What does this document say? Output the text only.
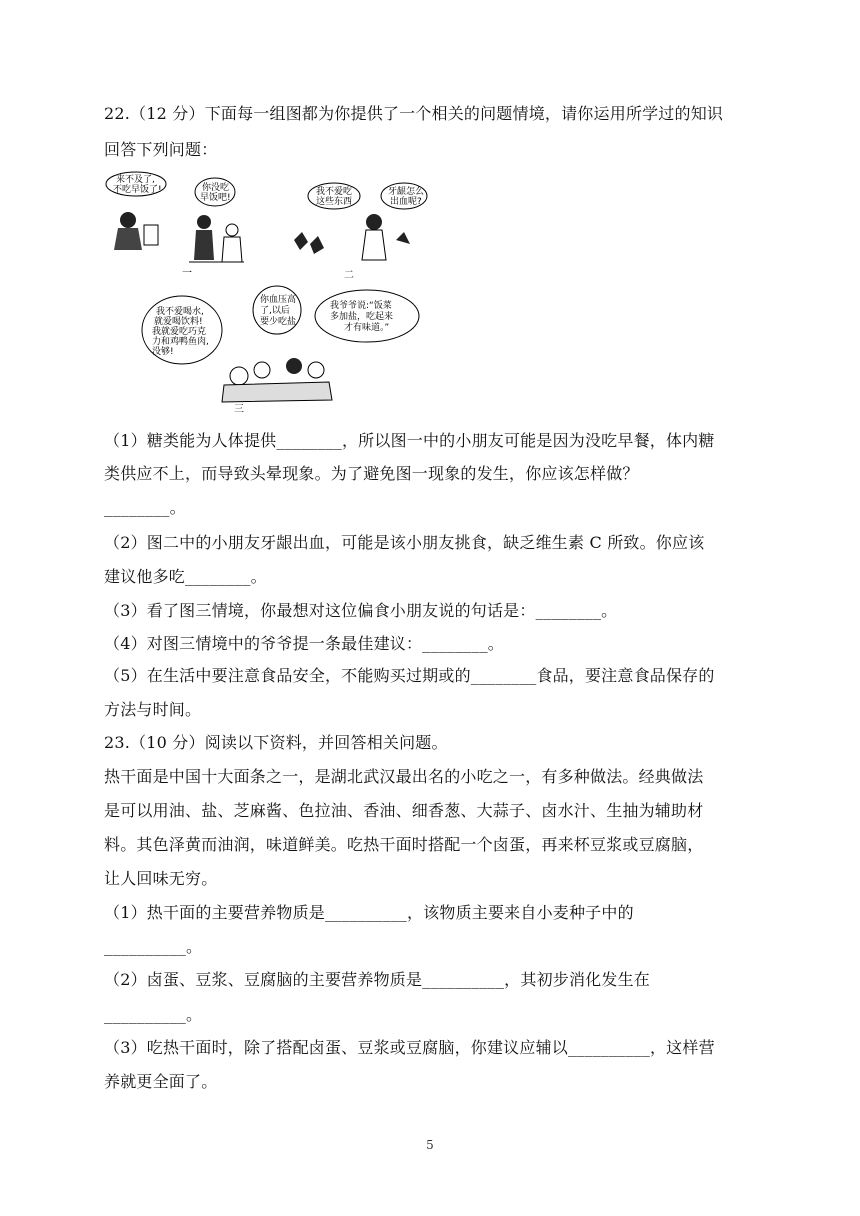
22.（12 分）下面每一组图都为你提供了一个相关的问题情境，请你运用所学过的知识
回答下列问题：
来不及了,
不吃早饭了!	你没吃
早饭吧!
一
我不爱吃
这些东西
牙龈怎么
出血呢?
二
我不爱喝水,
就爱喝饮料!
我就爱吃巧克
力和鸡鸭鱼肉,
没够!
你血压高
了,以后
要少吃盐
我爷爷说:“饭菜
多加盐，吃起来
才有味道。”
三
（1）糖类能为人体提供________，所以图一中的小朋友可能是因为没吃早餐，体内糖
类供应不上，而导致头晕现象。为了避免图一现象的发生，你应该怎样做？
________。
（2）图二中的小朋友牙龈出血，可能是该小朋友挑食，缺乏维生素 C 所致。你应该
建议他多吃________。
（3）看了图三情境，你最想对这位偏食小朋友说的句话是：________。
（4）对图三情境中的爷爷提一条最佳建议：________。
（5）在生活中要注意食品安全，不能购买过期或的________食品，要注意食品保存的
方法与时间。
23.（10 分）阅读以下资料，并回答相关问题。
热干面是中国十大面条之一，是湖北武汉最出名的小吃之一，有多种做法。经典做法
是可以用油、盐、芝麻酱、色拉油、香油、细香葱、大蒜子、卤水汁、生抽为辅助材
料。其色泽黄而油润，味道鲜美。吃热干面时搭配一个卤蛋，再来杯豆浆或豆腐脑，
让人回味无穷。
（1）热干面的主要营养物质是__________，该物质主要来自小麦种子中的
__________。
（2）卤蛋、豆浆、豆腐脑的主要营养物质是__________，其初步消化发生在
__________。
（3）吃热干面时，除了搭配卤蛋、豆浆或豆腐脑，你建议应辅以__________，这样营
养就更全面了。
5
